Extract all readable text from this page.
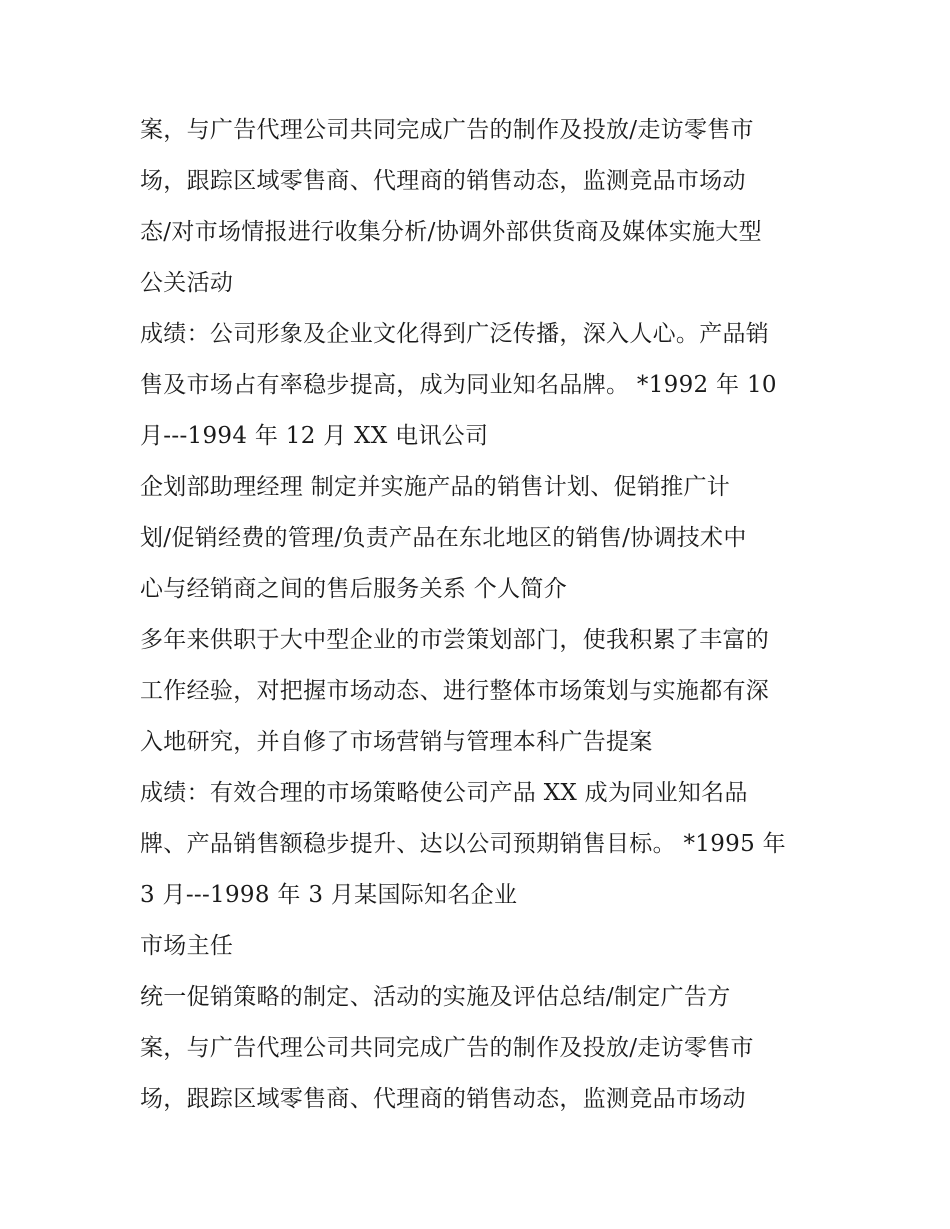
案，与广告代理公司共同完成广告的制作及投放/走访零售市
场，跟踪区域零售商、代理商的销售动态，监测竞品市场动
态/对市场情报进行收集分析/协调外部供货商及媒体实施大型
公关活动
成绩：公司形象及企业文化得到广泛传播，深入人心。产品销
售及市场占有率稳步提高，成为同业知名品牌。 *1992 年 10
月---1994 年 12 月 XX 电讯公司
企划部助理经理 制定并实施产品的销售计划、促销推广计
划/促销经费的管理/负责产品在东北地区的销售/协调技术中
心与经销商之间的售后服务关系 个人简介
多年来供职于大中型企业的市尝策划部门，使我积累了丰富的
工作经验，对把握市场动态、进行整体市场策划与实施都有深
入地研究，并自修了市场营销与管理本科广告提案
成绩：有效合理的市场策略使公司产品 XX 成为同业知名品
牌、产品销售额稳步提升、达以公司预期销售目标。 *1995 年
3 月---1998 年 3 月某国际知名企业
市场主任
统一促销策略的制定、活动的实施及评估总结/制定广告方
案，与广告代理公司共同完成广告的制作及投放/走访零售市
场，跟踪区域零售商、代理商的销售动态，监测竞品市场动
